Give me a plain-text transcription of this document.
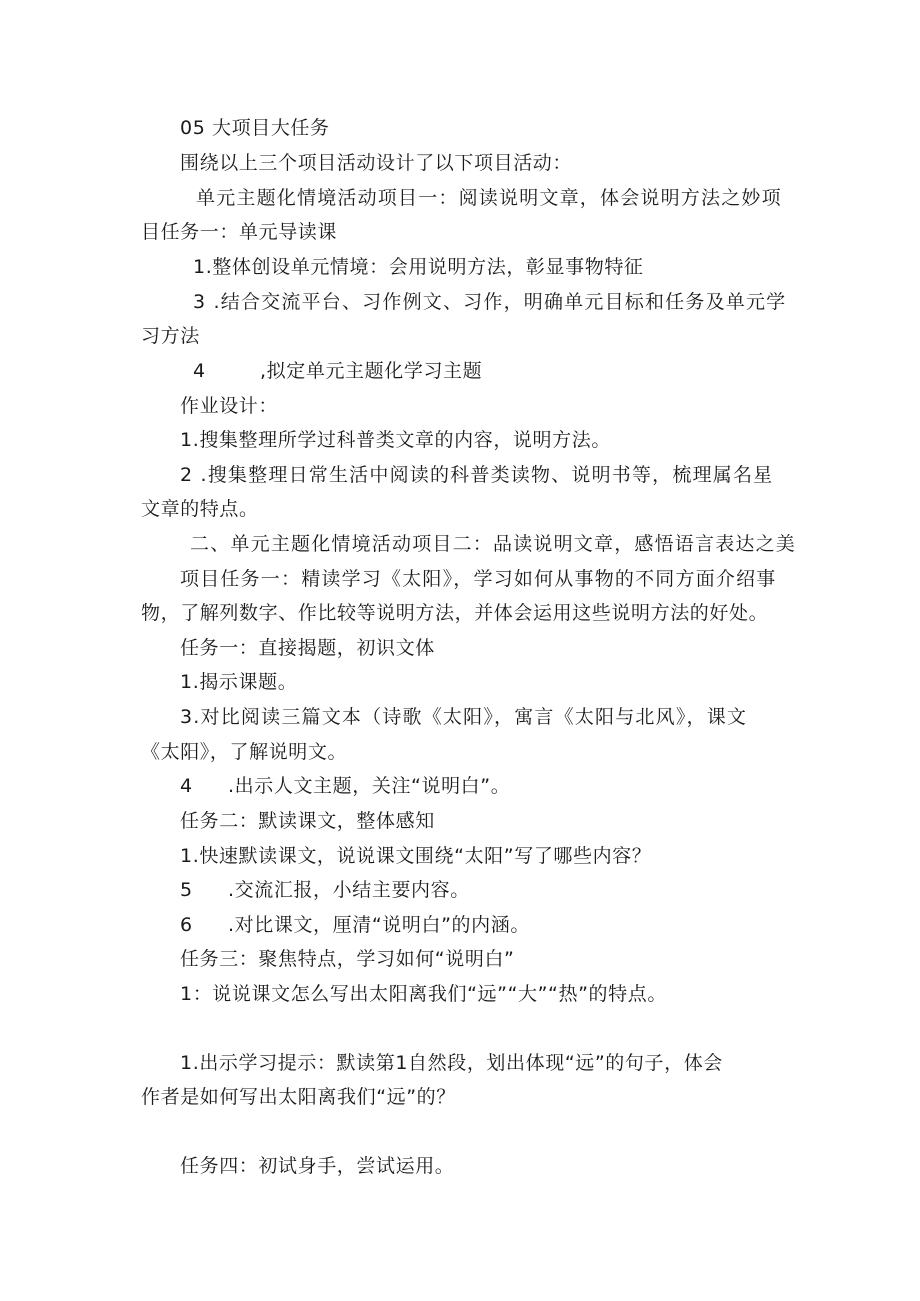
05 大项目大任务
围绕以上三个项目活动设计了以下项目活动：
单元主题化情境活动项目一：阅读说明文章，体会说明方法之妙项
目任务一：单元导读课
1.整体创设单元情境：会用说明方法，彰显事物特征
3 .结合交流平台、习作例文、习作，明确单元目标和任务及单元学
习方法
4	,拟定单元主题化学习主题
作业设计：
1.搜集整理所学过科普类文章的内容，说明方法。
2 .搜集整理日常生活中阅读的科普类读物、说明书等，梳理属名星
文章的特点。
二、单元主题化情境活动项目二：品读说明文章，感悟语言表达之美
项目任务一：精读学习《太阳》，学习如何从事物的不同方面介绍事
物，了解列数字、作比较等说明方法，并体会运用这些说明方法的好处。
任务一：直接揭题，初识文体
1.揭示课题。
3.对比阅读三篇文本（诗歌《太阳》，寓言《太阳与北风》，课文
《太阳》，了解说明文。
4 .出示人文主题，关注“说明白”。
任务二：默读课文，整体感知
1.快速默读课文，说说课文围绕“太阳”写了哪些内容？
5 .交流汇报，小结主要内容。
6 .对比课文，厘清“说明白”的内涵。
任务三：聚焦特点，学习如何“说明白”
1：说说课文怎么写出太阳离我们“远”“大”“热”的特点。
1.出示学习提示：默读第1自然段，划出体现“远”的句子，体会
作者是如何写出太阳离我们“远”的？
任务四：初试身手，尝试运用。
